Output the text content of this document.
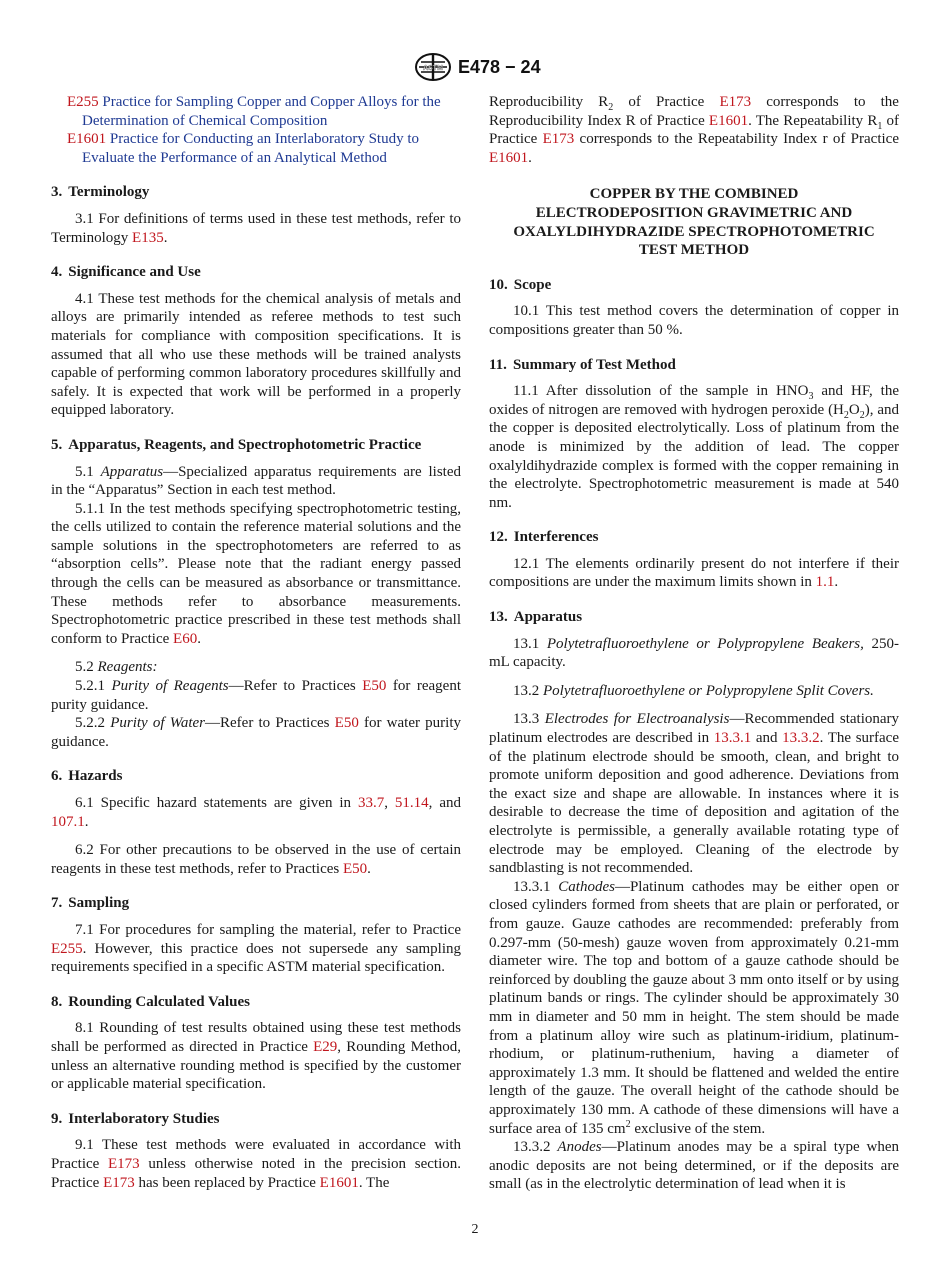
ASTM E478 − 24

E255 Practice for Sampling Copper and Copper Alloys for the Determination of Chemical Composition

E1601 Practice for Conducting an Interlaboratory Study to Evaluate the Performance of an Analytical Method

3. Terminology

3.1 For definitions of terms used in these test methods, refer to Terminology E135.

4. Significance and Use

4.1 These test methods for the chemical analysis of metals and alloys are primarily intended as referee methods to test such materials for compliance with composition specifications. It is assumed that all who use these methods will be trained analysts capable of performing common laboratory procedures skillfully and safely. It is expected that work will be performed in a properly equipped laboratory.

5. Apparatus, Reagents, and Spectrophotometric Practice

5.1 Apparatus—Specialized apparatus requirements are listed in the “Apparatus” Section in each test method.

5.1.1 In the test methods specifying spectrophotometric testing, the cells utilized to contain the reference material solutions and the sample solutions in the spectrophotometers are referred to as “absorption cells”. Please note that the radiant energy passed through the cells can be measured as absorbance or transmittance. These methods refer to absorbance measurements. Spectrophotometric practice prescribed in these test methods shall conform to Practice E60.

5.2 Reagents:

5.2.1 Purity of Reagents—Refer to Practices E50 for reagent purity guidance.

5.2.2 Purity of Water—Refer to Practices E50 for water purity guidance.

6. Hazards

6.1 Specific hazard statements are given in 33.7, 51.14, and 107.1.

6.2 For other precautions to be observed in the use of certain reagents in these test methods, refer to Practices E50.

7. Sampling

7.1 For procedures for sampling the material, refer to Practice E255. However, this practice does not supersede any sampling requirements specified in a specific ASTM material specification.

8. Rounding Calculated Values

8.1 Rounding of test results obtained using these test methods shall be performed as directed in Practice E29, Rounding Method, unless an alternative rounding method is specified by the customer or applicable material specification.

9. Interlaboratory Studies

9.1 These test methods were evaluated in accordance with Practice E173 unless otherwise noted in the precision section. Practice E173 has been replaced by Practice E1601. The

Reproducibility $R_2$ of Practice E173 corresponds to the Reproducibility Index R of Practice E1601. The Repeatability $R_1$ of Practice E173 corresponds to the Repeatability Index r of Practice E1601.

COPPER BY THE COMBINED
ELECTRODEPOSITION GRAVIMETRIC AND
OXALYLDIHYDRAZIDE SPECTROPHOTOMETRIC
TEST METHOD
10. Scope

10.1 This test method covers the determination of copper in compositions greater than 50 %.

11. Summary of Test Method

11.1 After dissolution of the sample in $HNO_3$ and HF, the oxides of nitrogen are removed with hydrogen peroxide $(H_2O_2)$, and the copper is deposited electrolytically. Loss of platinum from the anode is minimized by the addition of lead. The copper oxalyldihydrazide complex is formed with the copper remaining in the electrolyte. Spectrophotometric measurement is made at 540 nm.

12. Interferences

12.1 The elements ordinarily present do not interfere if their compositions are under the maximum limits shown in 1.1.

13. Apparatus

13.1 Polytetrafluoroethylene or Polypropylene Beakers, 250-mL capacity.

13.2 Polytetrafluoroethylene or Polypropylene Split Covers.

13.3 Electrodes for Electroanalysis—Recommended stationary platinum electrodes are described in 13.3.1 and 13.3.2. The surface of the platinum electrode should be smooth, clean, and bright to promote uniform deposition and good adherence. Deviations from the exact size and shape are allowable. In instances where it is desirable to decrease the time of deposition and agitation of the electrolyte is permissible, a generally available rotating type of electrode may be employed. Cleaning of the electrode by sandblasting is not recommended.

13.3.1 Cathodes—Platinum cathodes may be either open or closed cylinders formed from sheets that are plain or perforated, or from gauze. Gauze cathodes are recommended: preferably from 0.297-mm (50-mesh) gauze woven from approximately 0.21-mm diameter wire. The top and bottom of a gauze cathode should be reinforced by doubling the gauze about 3 mm onto itself or by using platinum bands or rings. The cylinder should be approximately 30 mm in diameter and 50 mm in height. The stem should be made from a platinum alloy wire such as platinum-iridium, platinum-rhodium, or platinum-ruthenium, having a diameter of approximately 1.3 mm. It should be flattened and welded the entire length of the gauze. The overall height of the cathode should be approximately 130 mm. A cathode of these dimensions will have a surface area of 135 $cm^2$ exclusive of the stem.

13.3.2 Anodes—Platinum anodes may be a spiral type when anodic deposits are not being determined, or if the deposits are small (as in the electrolytic determination of lead when it is

2
